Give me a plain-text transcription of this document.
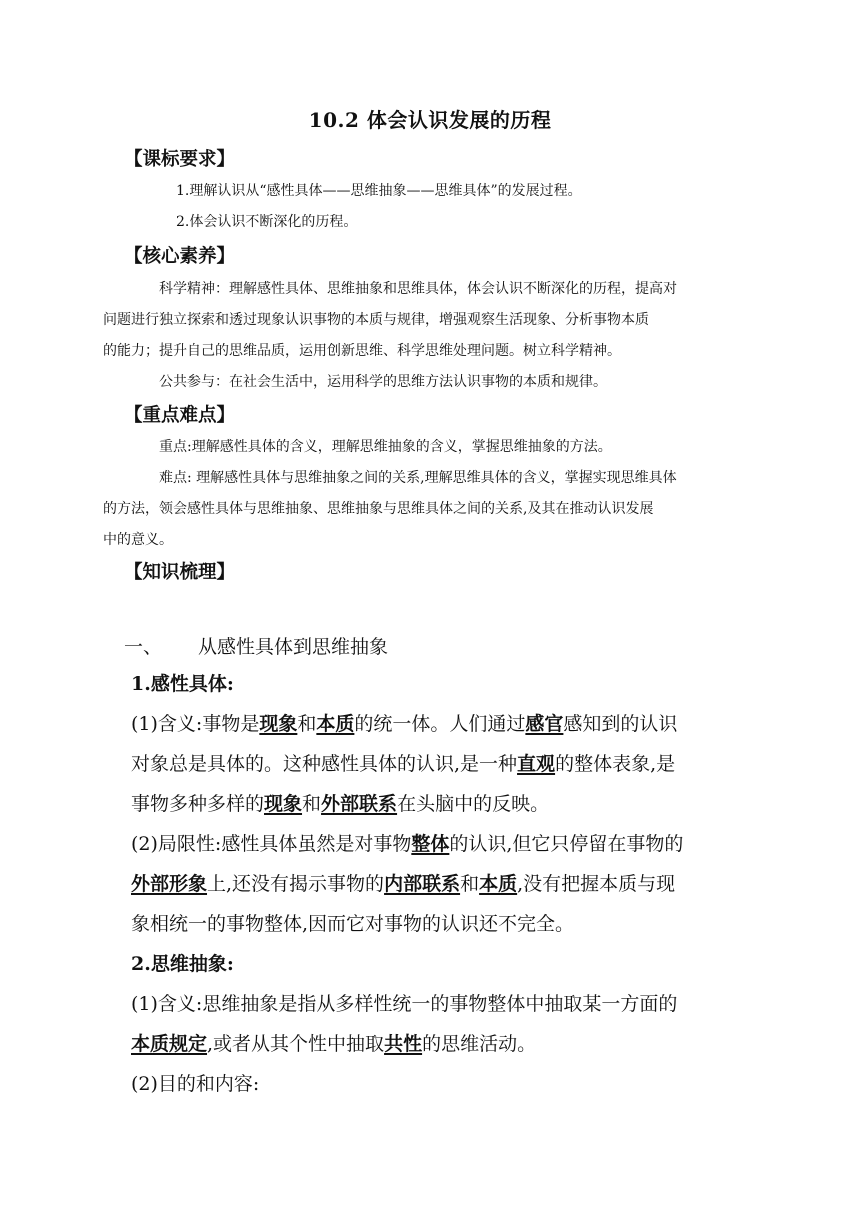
10.2 体会认识发展的历程
【课标要求】

1.理解认识从“感性具体——思维抽象——思维具体”的发展过程。

2.体会认识不断深化的历程。

【核心素养】

科学精神：理解感性具体、思维抽象和思维具体，体会认识不断深化的历程，提高对
问题进行独立探索和透过现象认识事物的本质与规律，增强观察生活现象、分析事物本质
的能力；提升自己的思维品质，运用创新思维、科学思维处理问题。树立科学精神。

公共参与：在社会生活中，运用科学的思维方法认识事物的本质和规律。

【重点难点】

重点:理解感性具体的含义，理解思维抽象的含义，掌握思维抽象的方法。

难点: 理解感性具体与思维抽象之间的关系,理解思维具体的含义，掌握实现思维具体
的方法，领会感性具体与思维抽象、思维抽象与思维具体之间的关系,及其在推动认识发展
中的意义。

【知识梳理】
一、 从感性具体到思维抽象

1.感性具体:

(1)含义:事物是现象和本质的统一体。人们通过感官感知到的认识
对象总是具体的。这种感性具体的认识,是一种直观的整体表象,是
事物多种多样的现象和外部联系在头脑中的反映。

(2)局限性:感性具体虽然是对事物整体的认识,但它只停留在事物的
外部形象上,还没有揭示事物的内部联系和本质,没有把握本质与现
象相统一的事物整体,因而它对事物的认识还不完全。

2.思维抽象:

(1)含义:思维抽象是指从多样性统一的事物整体中抽取某一方面的
本质规定,或者从其个性中抽取共性的思维活动。

(2)目的和内容:
